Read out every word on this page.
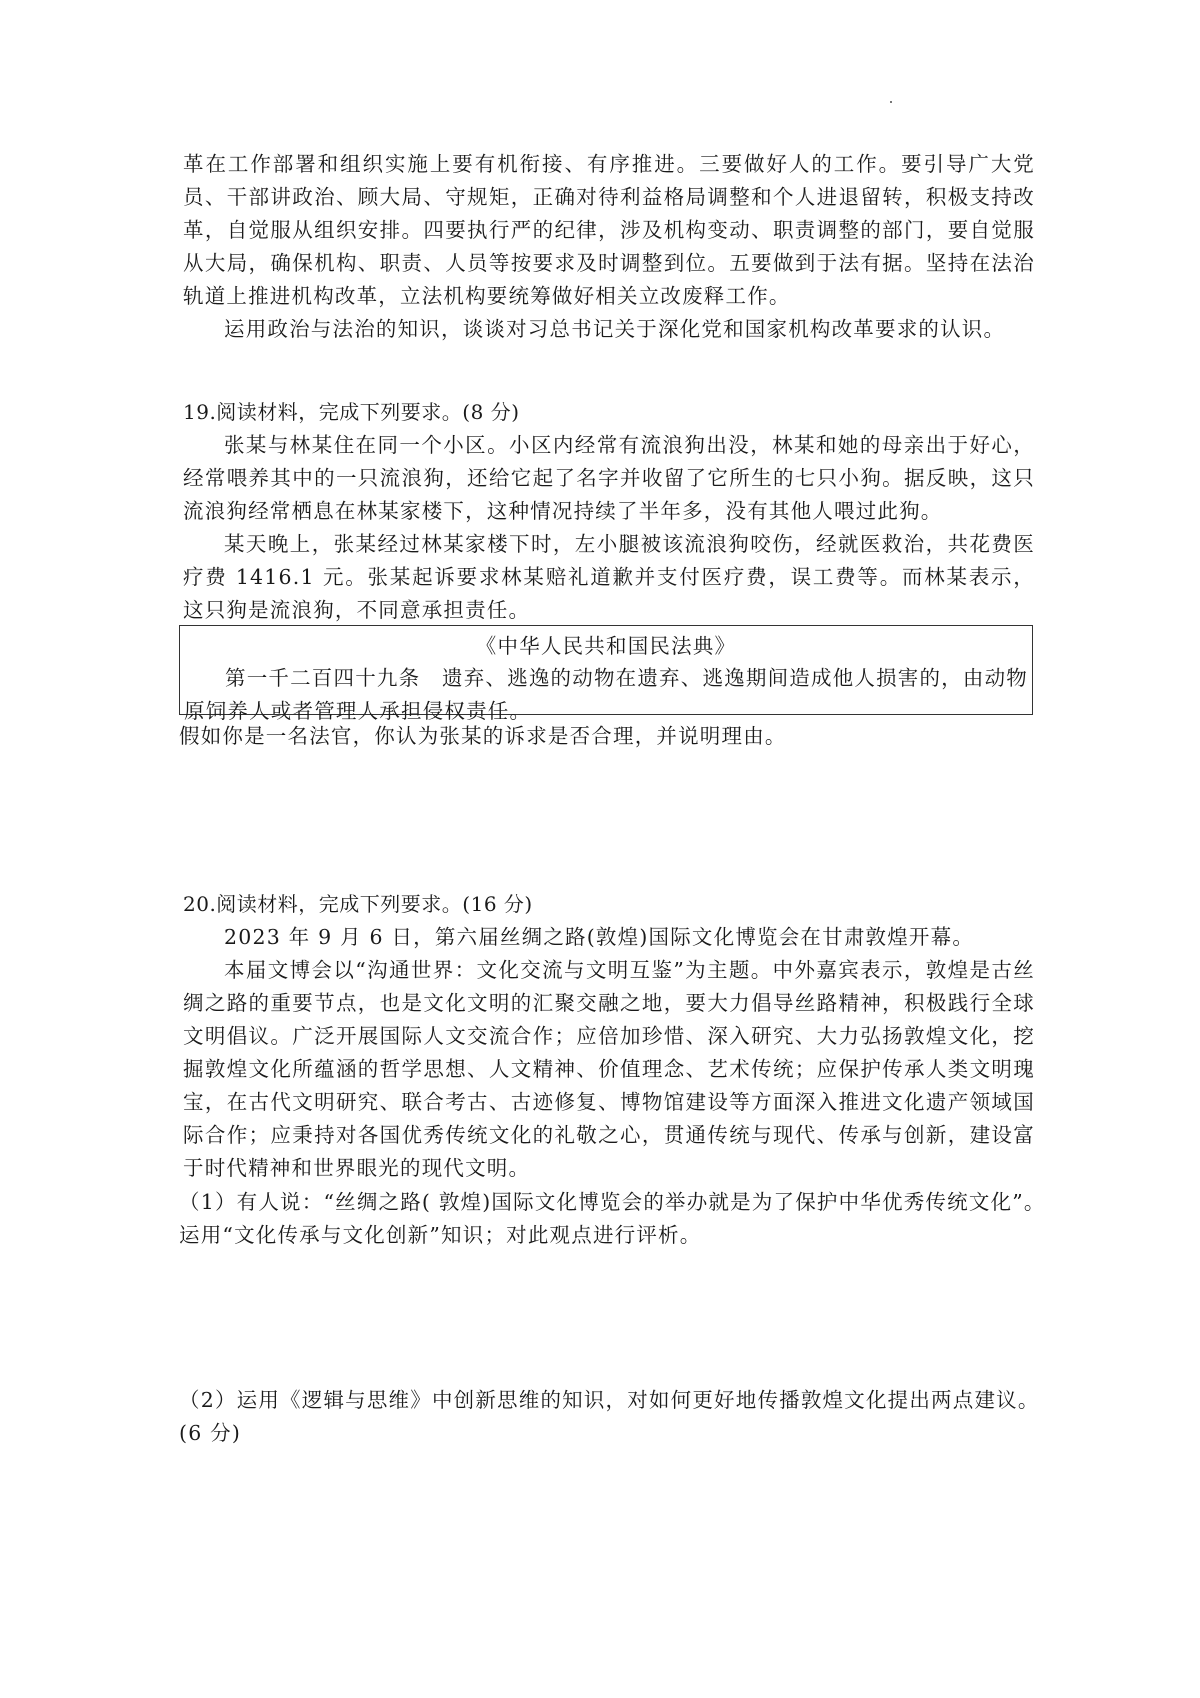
革在工作部署和组织实施上要有机衔接、有序推进。三要做好人的工作。要引导广大党员、干部讲政治、顾大局、守规矩，正确对待利益格局调整和个人进退留转，积极支持改革，自觉服从组织安排。四要执行严的纪律，涉及机构变动、职责调整的部门，要自觉服从大局，确保机构、职责、人员等按要求及时调整到位。五要做到于法有据。坚持在法治轨道上推进机构改革，立法机构要统筹做好相关立改废释工作。

运用政治与法治的知识，谈谈对习总书记关于深化党和国家机构改革要求的认识。

19.阅读材料，完成下列要求。(8 分)

张某与林某住在同一个小区。小区内经常有流浪狗出没，林某和她的母亲出于好心，经常喂养其中的一只流浪狗，还给它起了名字并收留了它所生的七只小狗。据反映，这只流浪狗经常栖息在林某家楼下，这种情况持续了半年多，没有其他人喂过此狗。

某天晚上，张某经过林某家楼下时，左小腿被该流浪狗咬伤，经就医救治，共花费医疗费 1416.1 元。张某起诉要求林某赔礼道歉并支付医疗费，误工费等。而林某表示，这只狗是流浪狗，不同意承担责任。

《中华人民共和国民法典》

第一千二百四十九条　遗弃、逃逸的动物在遗弃、逃逸期间造成他人损害的，由动物原饲养人或者管理人承担侵权责任。

假如你是一名法官，你认为张某的诉求是否合理，并说明理由。

20.阅读材料，完成下列要求。(16 分)

2023 年 9 月 6 日，第六届丝绸之路(敦煌)国际文化博览会在甘肃敦煌开幕。

本届文博会以“沟通世界：文化交流与文明互鉴”为主题。中外嘉宾表示，敦煌是古丝绸之路的重要节点，也是文化文明的汇聚交融之地，要大力倡导丝路精神，积极践行全球文明倡议。广泛开展国际人文交流合作；应倍加珍惜、深入研究、大力弘扬敦煌文化，挖掘敦煌文化所蕴涵的哲学思想、人文精神、价值理念、艺术传统；应保护传承人类文明瑰宝，在古代文明研究、联合考古、古迹修复、博物馆建设等方面深入推进文化遗产领域国际合作；应秉持对各国优秀传统文化的礼敬之心，贯通传统与现代、传承与创新，建设富于时代精神和世界眼光的现代文明。

（1）有人说：“丝绸之路( 敦煌)国际文化博览会的举办就是为了保护中华优秀传统文化”。

运用“文化传承与文化创新”知识；对此观点进行评析。

（2）运用《逻辑与思维》中创新思维的知识，对如何更好地传播敦煌文化提出两点建议。

(6 分)
